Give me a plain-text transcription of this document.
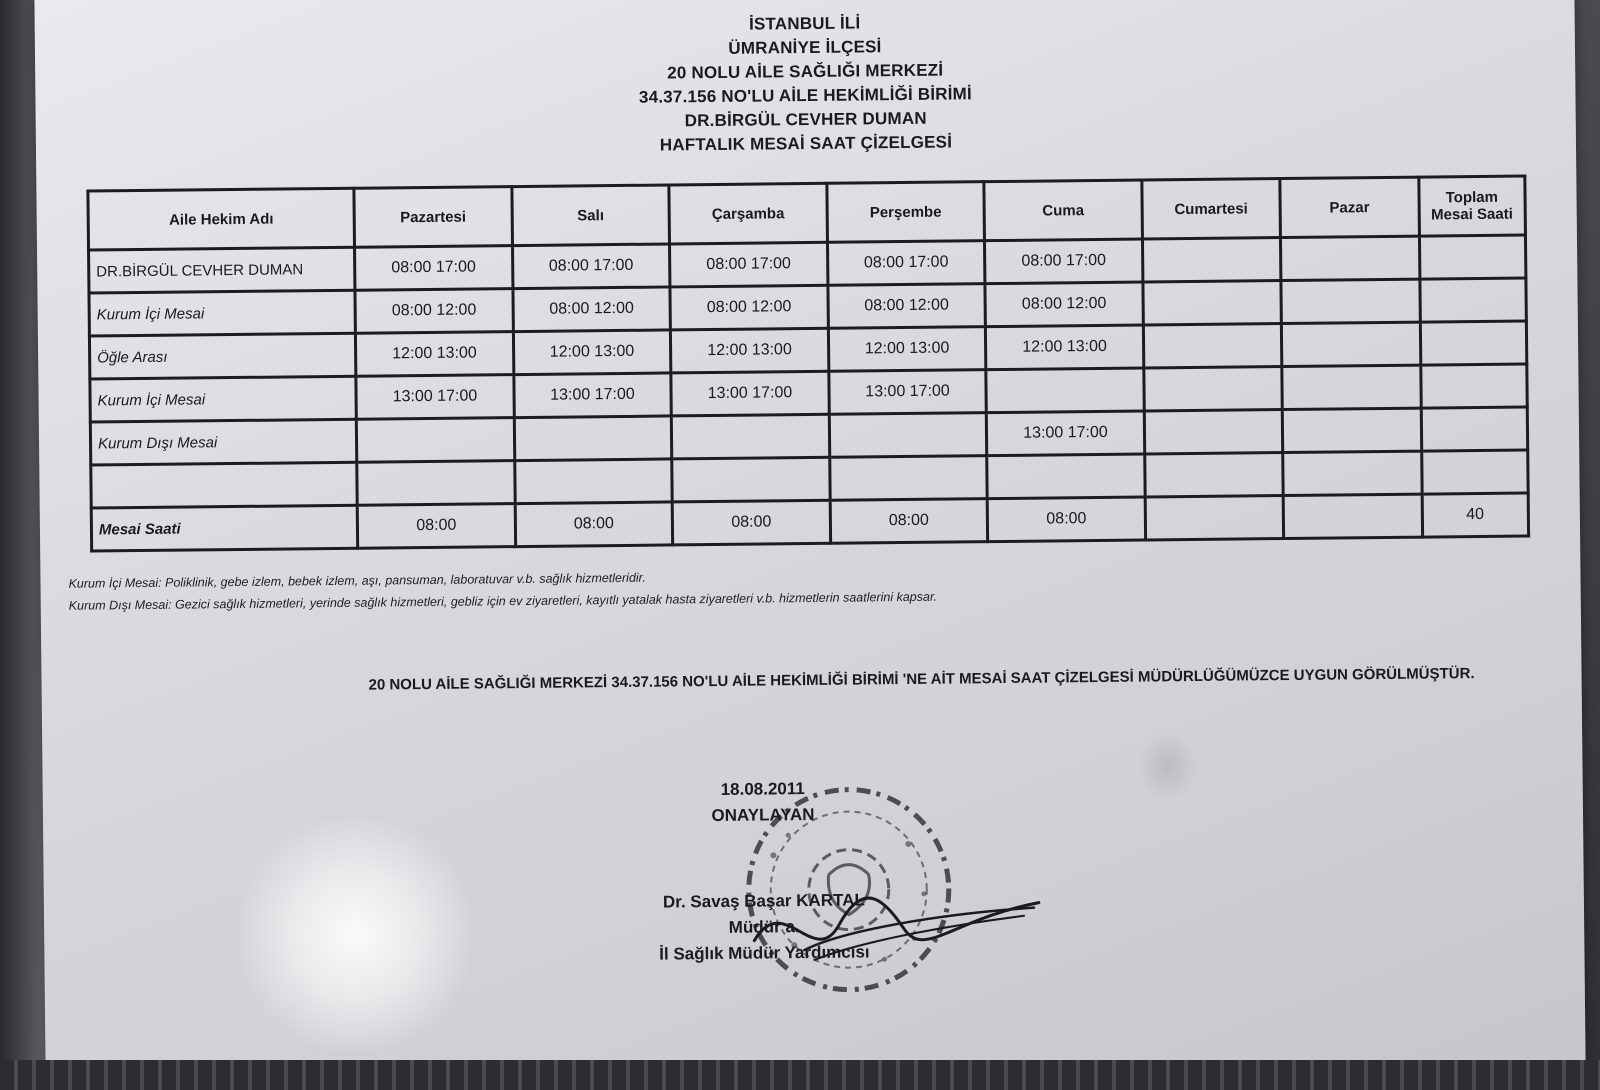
İSTANBUL İLİ
ÜMRANİYE İLÇESİ
20 NOLU AİLE SAĞLIĞI MERKEZİ
34.37.156 NO'LU AİLE HEKİMLİĞİ BİRİMİ
DR.BİRGÜL CEVHER DUMAN
HAFTALIK MESAİ SAAT ÇİZELGESİ
Aile Hekim Adı	Pazartesi	Salı	Çarşamba	Perşembe	Cuma	Cumartesi	Pazar	Toplam Mesai Saati
DR.BİRGÜL CEVHER DUMAN	08:00 17:00	08:00 17:00	08:00 17:00	08:00 17:00	08:00 17:00			
Kurum İçi Mesai	08:00 12:00	08:00 12:00	08:00 12:00	08:00 12:00	08:00 12:00			
Öğle Arası	12:00 13:00	12:00 13:00	12:00 13:00	12:00 13:00	12:00 13:00			
Kurum İçi Mesai	13:00 17:00	13:00 17:00	13:00 17:00	13:00 17:00				
Kurum Dışı Mesai					13:00 17:00			

Mesai Saati	08:00	08:00	08:00	08:00	08:00			40
Kurum İçi Mesai: Poliklinik, gebe izlem, bebek izlem, aşı, pansuman, laboratuvar v.b. sağlık hizmetleridir.
Kurum Dışı Mesai: Gezici sağlık hizmetleri, yerinde sağlık hizmetleri, gebliz için ev ziyaretleri, kayıtlı yatalak hasta ziyaretleri v.b. hizmetlerin saatlerini kapsar.
20 NOLU AİLE SAĞLIĞI MERKEZİ 34.37.156 NO'LU AİLE HEKİMLİĞİ BİRİMİ 'NE AİT MESAİ SAAT ÇİZELGESİ MÜDÜRLÜĞÜMÜZCE UYGUN GÖRÜLMÜŞTÜR.
18.08.2011
ONAYLAYAN
Dr. Savaş Başar KARTAL
Müdür a.
İl Sağlık Müdür Yardımcısı
